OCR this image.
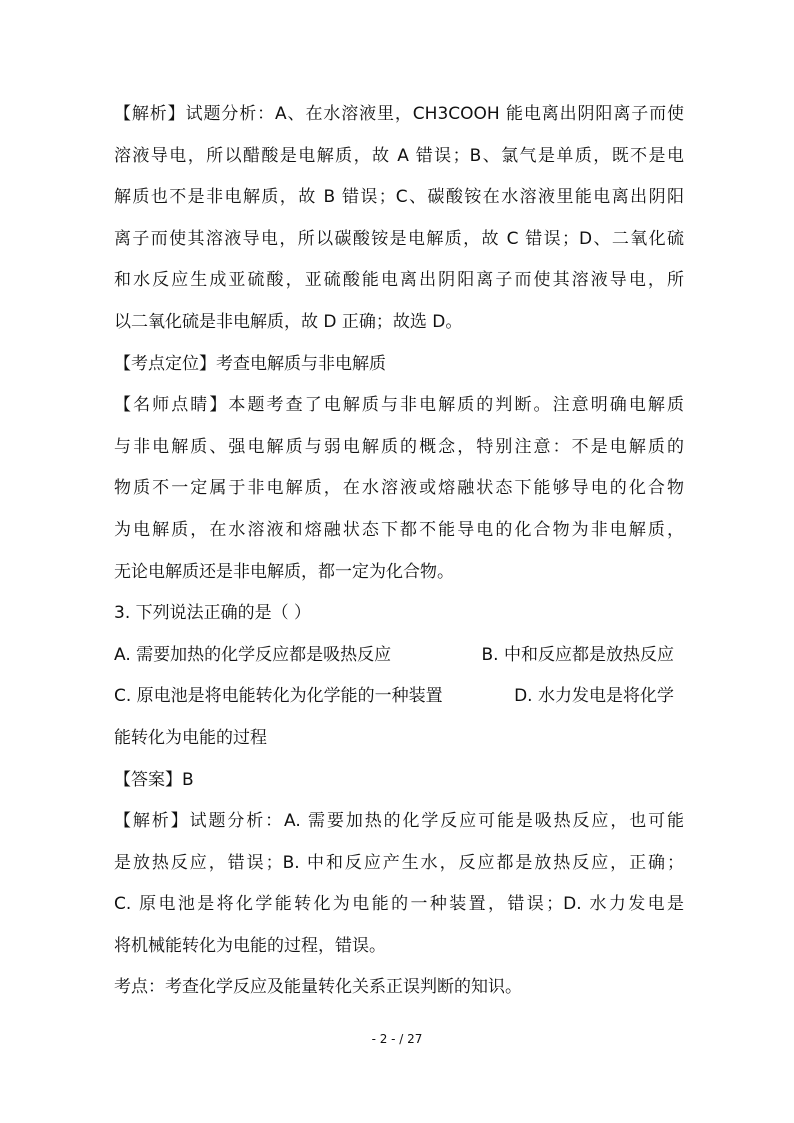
【解析】试题分析：A、在水溶液里，CH3COOH 能电离出阴阳离子而使
溶液导电，所以醋酸是电解质，故 A 错误；B、氯气是单质，既不是电
解质也不是非电解质，故 B 错误；C、碳酸铵在水溶液里能电离出阴阳
离子而使其溶液导电，所以碳酸铵是电解质，故 C 错误；D、二氧化硫
和水反应生成亚硫酸，亚硫酸能电离出阴阳离子而使其溶液导电，所
以二氧化硫是非电解质，故 D 正确；故选 D。
【考点定位】考查电解质与非电解质
【名师点睛】本题考查了电解质与非电解质的判断。注意明确电解质
与非电解质、强电解质与弱电解质的概念，特别注意：不是电解质的
物质不一定属于非电解质，在水溶液或熔融状态下能够导电的化合物
为电解质，在水溶液和熔融状态下都不能导电的化合物为非电解质，
无论电解质还是非电解质，都一定为化合物。
3. 下列说法正确的是（ ）
A. 需要加热的化学反应都是吸热反应	B. 中和反应都是放热反应
C. 原电池是将电能转化为化学能的一种装置	D. 水力发电是将化学
能转化为电能的过程
【答案】B
【解析】试题分析：A. 需要加热的化学反应可能是吸热反应，也可能
是放热反应，错误；B. 中和反应产生水，反应都是放热反应，正确；
C. 原电池是将化学能转化为电能的一种装置，错误；D. 水力发电是
将机械能转化为电能的过程，错误。
考点：考查化学反应及能量转化关系正误判断的知识。
- 2 - / 27
